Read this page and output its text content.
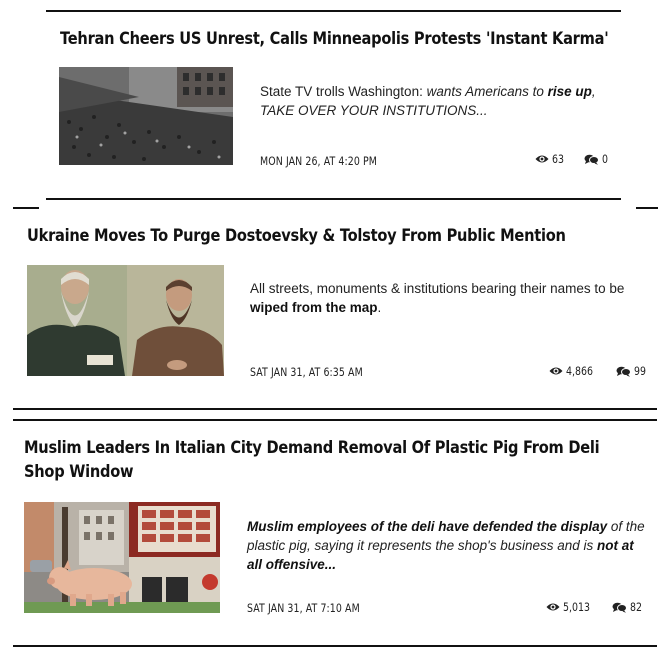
Tehran Cheers US Unrest, Calls Minneapolis Protests 'Instant Karma'
State TV trolls Washington: wants Americans to rise up, TAKE OVER YOUR INSTITUTIONS...
MON JAN 26, AT 4:20 PM	63	0
Ukraine Moves To Purge Dostoevsky & Tolstoy From Public Mention
All streets, monuments & institutions bearing their names to be wiped from the map.
SAT JAN 31, AT 6:35 AM	4,866	99
Muslim Leaders In Italian City Demand Removal Of Plastic Pig From Deli Shop Window
Muslim employees of the deli have defended the display of the plastic pig, saying it represents the shop's business and is not at all offensive...
SAT JAN 31, AT 7:10 AM	5,013	82
